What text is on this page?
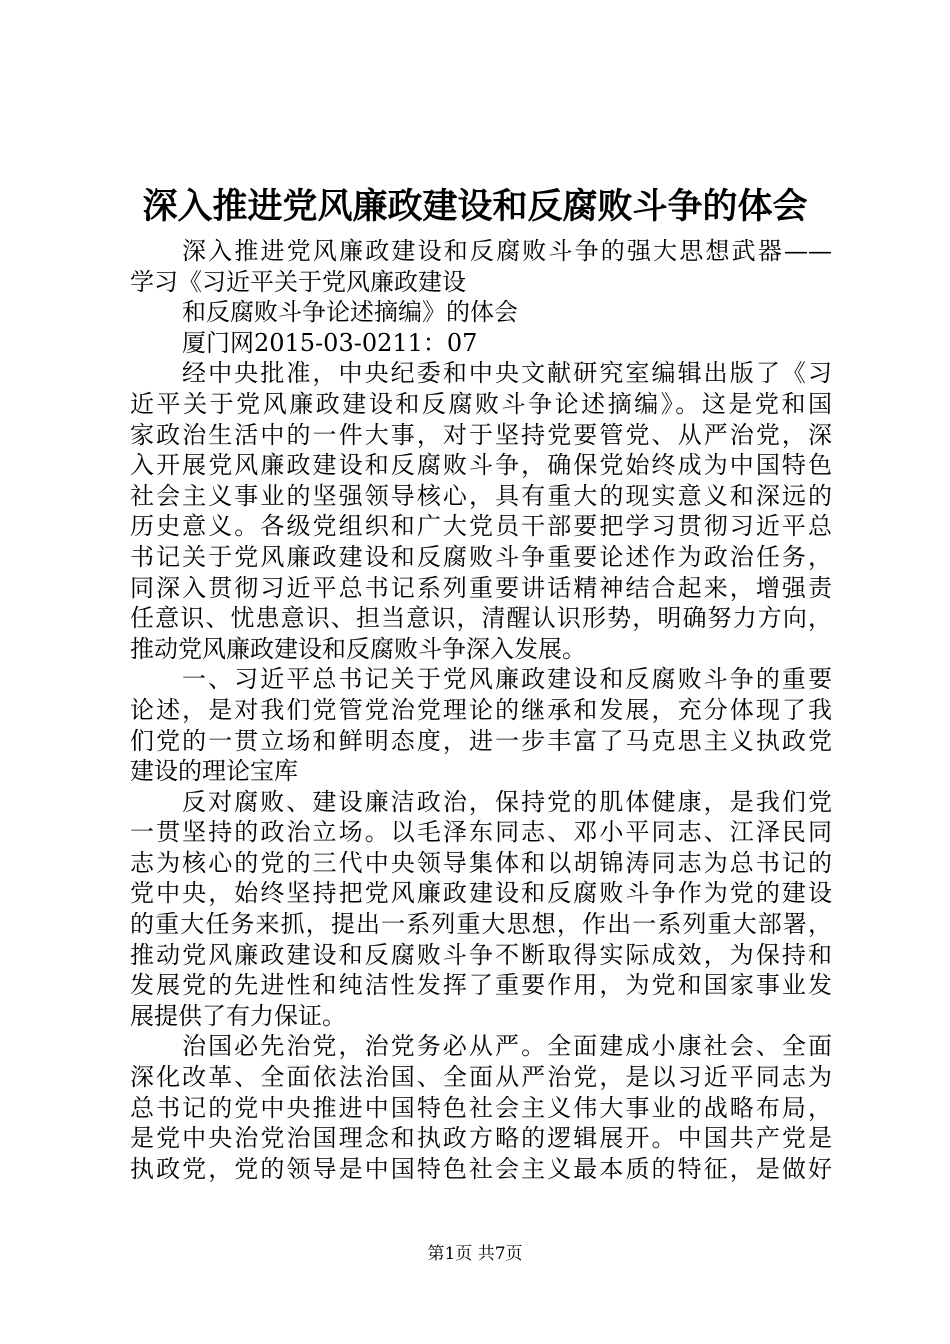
深入推进党风廉政建设和反腐败斗争的体会
深入推进党风廉政建设和反腐败斗争的强大思想武器——
学习《习近平关于党风廉政建设
和反腐败斗争论述摘编》的体会
厦门网2015-03-0211：07
经中央批准，中央纪委和中央文献研究室编辑出版了《习
近平关于党风廉政建设和反腐败斗争论述摘编》。这是党和国
家政治生活中的一件大事，对于坚持党要管党、从严治党，深
入开展党风廉政建设和反腐败斗争，确保党始终成为中国特色
社会主义事业的坚强领导核心，具有重大的现实意义和深远的
历史意义。各级党组织和广大党员干部要把学习贯彻习近平总
书记关于党风廉政建设和反腐败斗争重要论述作为政治任务，
同深入贯彻习近平总书记系列重要讲话精神结合起来，增强责
任意识、忧患意识、担当意识，清醒认识形势，明确努力方向，
推动党风廉政建设和反腐败斗争深入发展。
一、习近平总书记关于党风廉政建设和反腐败斗争的重要
论述，是对我们党管党治党理论的继承和发展，充分体现了我
们党的一贯立场和鲜明态度，进一步丰富了马克思主义执政党
建设的理论宝库
反对腐败、建设廉洁政治，保持党的肌体健康，是我们党
一贯坚持的政治立场。以毛泽东同志、邓小平同志、江泽民同
志为核心的党的三代中央领导集体和以胡锦涛同志为总书记的
党中央，始终坚持把党风廉政建设和反腐败斗争作为党的建设
的重大任务来抓，提出一系列重大思想，作出一系列重大部署，
推动党风廉政建设和反腐败斗争不断取得实际成效，为保持和
发展党的先进性和纯洁性发挥了重要作用，为党和国家事业发
展提供了有力保证。
治国必先治党，治党务必从严。全面建成小康社会、全面
深化改革、全面依法治国、全面从严治党，是以习近平同志为
总书记的党中央推进中国特色社会主义伟大事业的战略布局，
是党中央治党治国理念和执政方略的逻辑展开。中国共产党是
执政党，党的领导是中国特色社会主义最本质的特征，是做好
第1页 共7页
